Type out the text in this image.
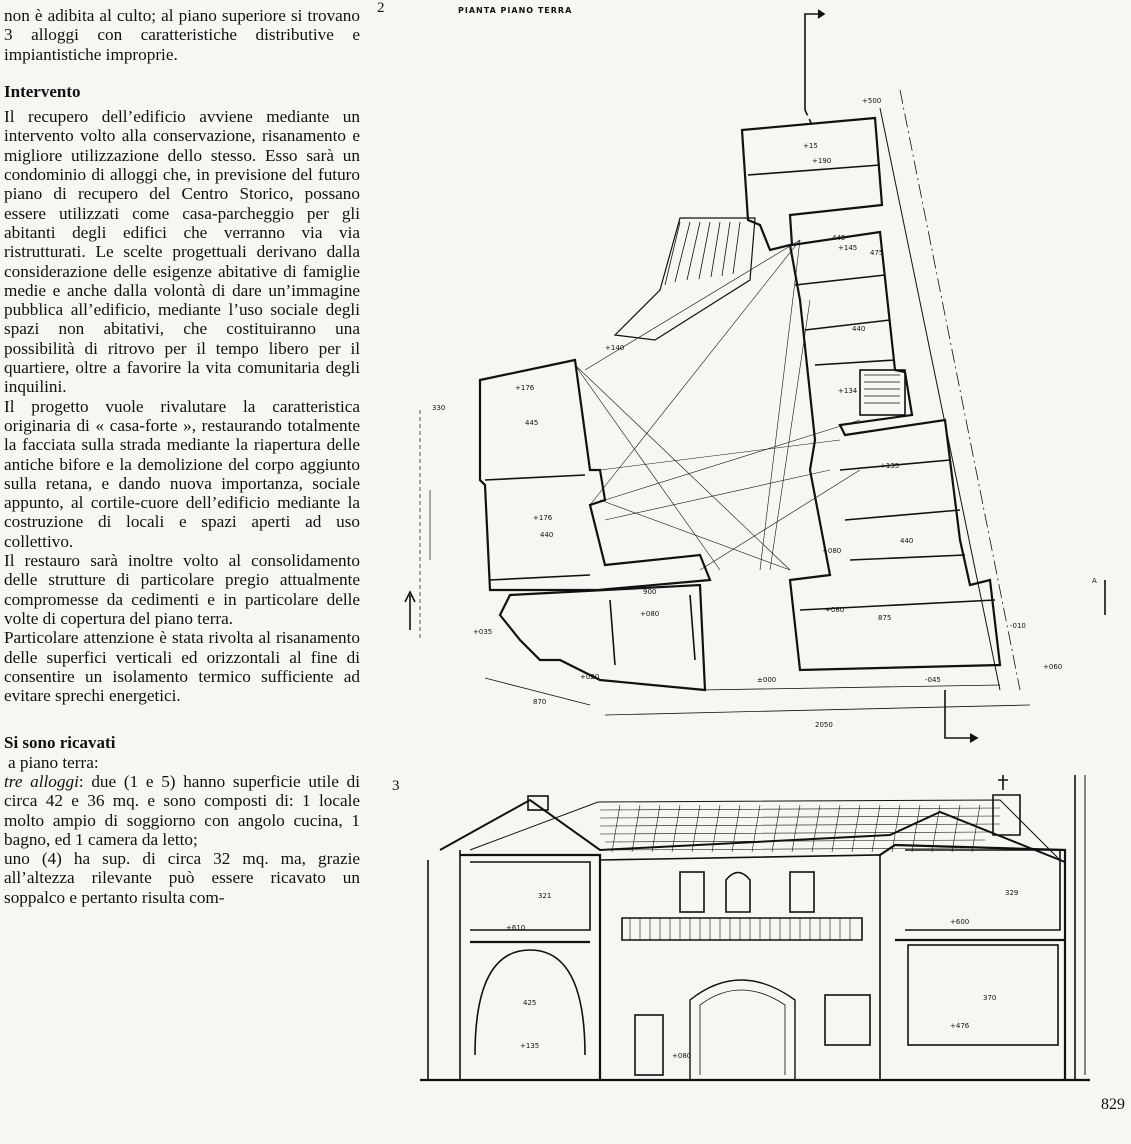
non è adibita al culto; al piano superiore si trovano 3 alloggi con caratteristiche distributive e impiantistiche improprie.

Intervento

Il recupero dell’edificio avviene mediante un intervento volto alla conservazione, risanamento e migliore utilizzazione dello stesso. Esso sarà un condominio di alloggi che, in previsione del futuro piano di recupero del Centro Storico, possano essere utilizzati come casa-parcheggio per gli abitanti degli edifici che verranno via via ristrutturati. Le scelte progettuali derivano dalla considerazione delle esigenze abitative di famiglie medie e anche dalla volontà di dare un’immagine pubblica all’edificio, mediante l’uso sociale degli spazi non abitativi, che costituiranno una possibilità di ritrovo per il tempo libero per il quartiere, oltre a favorire la vita comunitaria degli inquilini.

Il progetto vuole rivalutare la caratteristica originaria di « casa-forte », restaurando totalmente la facciata sulla strada mediante la riapertura delle antiche bifore e la demolizione del corpo aggiunto sulla retana, e dando nuova importanza, sociale appunto, al cortile-cuore dell’edificio mediante la costruzione di locali e spazi aperti ad uso collettivo.

Il restauro sarà inoltre volto al consolidamento delle strutture di particolare pregio attualmente compromesse da cedimenti e in particolare delle volte di copertura del piano terra.

Particolare attenzione è stata rivolta al risanamento delle superfici verticali ed orizzontali al fine di consentire un isolamento termico sufficiente ad evitare sprechi energetici.

Si sono ricavati

a piano terra:

tre alloggi: due (1 e 5) hanno superficie utile di circa 42 e 36 mq. e sono composti di: 1 locale molto ampio di soggiorno con angolo cucina, 1 bagno, ed 1 camera da letto;

uno (4) ha sup. di circa 32 mq. ma, grazie all’altezza rilevante può essere ricavato un soppalco e pertanto risulta com-

2	PIANTA PIANO TERRA
3
829
+500
+15
+190
445
+145
475
440
+140
+176
445
330
+176
440
+135
440
+134
+080
900
+080	+080
875
+035
+020	±000	-045
+060
-010
2050
870
A
+610
321
+600
329
425
+135
+080
370
+476
